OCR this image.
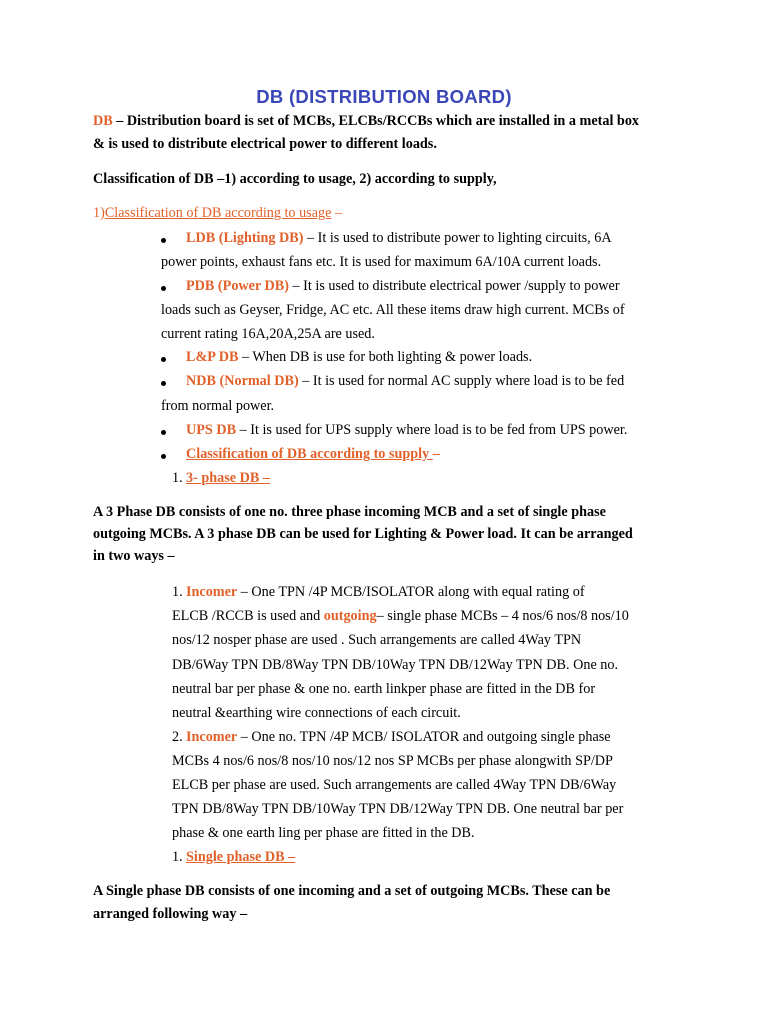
DB (DISTRIBUTION BOARD)
DB – Distribution board is set of MCBs, ELCBs/RCCBs which are installed in a metal box
& is used to distribute electrical power to different loads.
Classification of DB –1) according to usage, 2) according to supply,
1)Classification of DB according to usage –
LDB (Lighting DB) – It is used to distribute power to lighting circuits, 6A
power points, exhaust fans etc. It is used for maximum 6A/10A current loads.
PDB (Power DB) – It is used to distribute electrical power /supply to power
loads such as Geyser, Fridge, AC etc. All these items draw high current. MCBs of
current rating 16A,20A,25A are used.
L&P DB – When DB is use for both lighting & power loads.
NDB (Normal DB) – It is used for normal AC supply where load is to be fed
from normal power.
UPS DB – It is used for UPS supply where load is to be fed from UPS power.
Classification of DB according to supply –
1. 3- phase DB –
A 3 Phase DB consists of one no. three phase incoming MCB and a set of single phase
outgoing MCBs. A 3 phase DB can be used for Lighting & Power load. It can be arranged
in two ways –
1. Incomer – One TPN /4P MCB/ISOLATOR along with equal rating of
ELCB /RCCB is used and outgoing– single phase MCBs – 4 nos/6 nos/8 nos/10
nos/12 nosper phase are used . Such arrangements are called 4Way TPN
DB/6Way TPN DB/8Way TPN DB/10Way TPN DB/12Way TPN DB. One no.
neutral bar per phase & one no. earth linkper phase are fitted in the DB for
neutral &earthing wire connections of each circuit.
2. Incomer – One no. TPN /4P MCB/ ISOLATOR and outgoing single phase
MCBs 4 nos/6 nos/8 nos/10 nos/12 nos SP MCBs per phase alongwith SP/DP
ELCB per phase are used. Such arrangements are called 4Way TPN DB/6Way
TPN DB/8Way TPN DB/10Way TPN DB/12Way TPN DB. One neutral bar per
phase & one earth ling per phase are fitted in the DB.
1. Single phase DB –
A Single phase DB consists of one incoming and a set of outgoing MCBs. These can be
arranged following way –
